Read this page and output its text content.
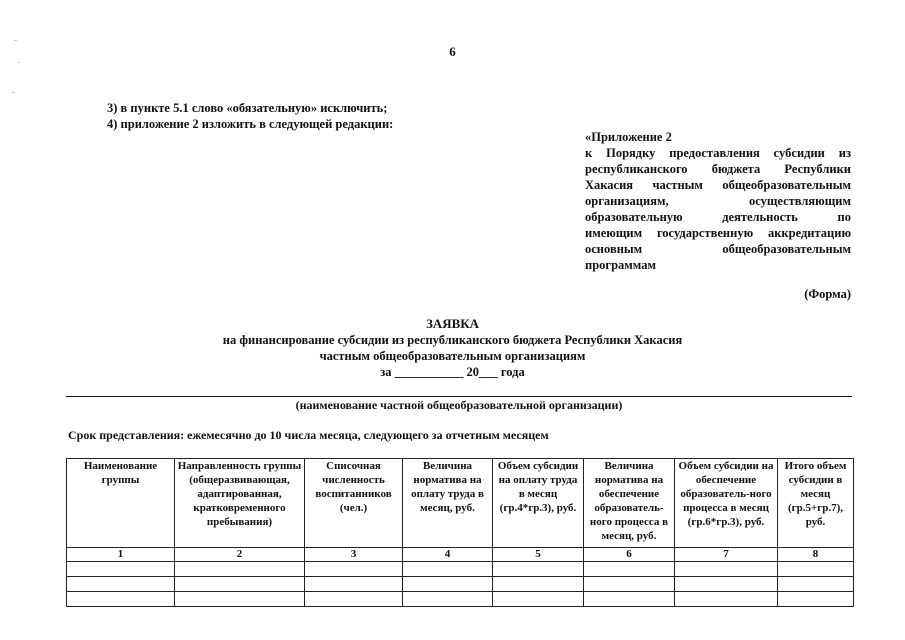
6
3) в пункте 5.1 слово «обязательную» исключить;
4) приложение 2 изложить в следующей редакции:
«Приложение 2
к Порядку предоставления субсидии из
республиканского бюджета Республики
Хакасия частным общеобразовательным
организациям, осуществляющим
образовательную деятельность по
имеющим государственную аккредитацию
основным общеобразовательным
программам
(Форма)
ЗАЯВКА
на финансирование субсидии из республиканского бюджета Республики Хакасия
частным общеобразовательным организациям
за ___________ 20___ года
(наименование частной общеобразовательной организации)
Срок представления: ежемесячно до 10 числа месяца, следующего за отчетным месяцем
Наименование группы	Направленность группы (общеразвивающая, адаптированная, кратковременного пребывания)	Списочная численность воспитанников (чел.)	Величина норматива на оплату труда в месяц, руб.	Объем субсидии на оплату труда в месяц (гр.4*гр.3), руб.	Величина норматива на обеспечение образователь-ного процесса в месяц, руб.	Объем субсидии на обеспечение образователь-ного процесса в месяц (гр.6*гр.3), руб.	Итого объем субсидии в месяц (гр.5+гр.7), руб.
1	2	3	4	5	6	7	8
